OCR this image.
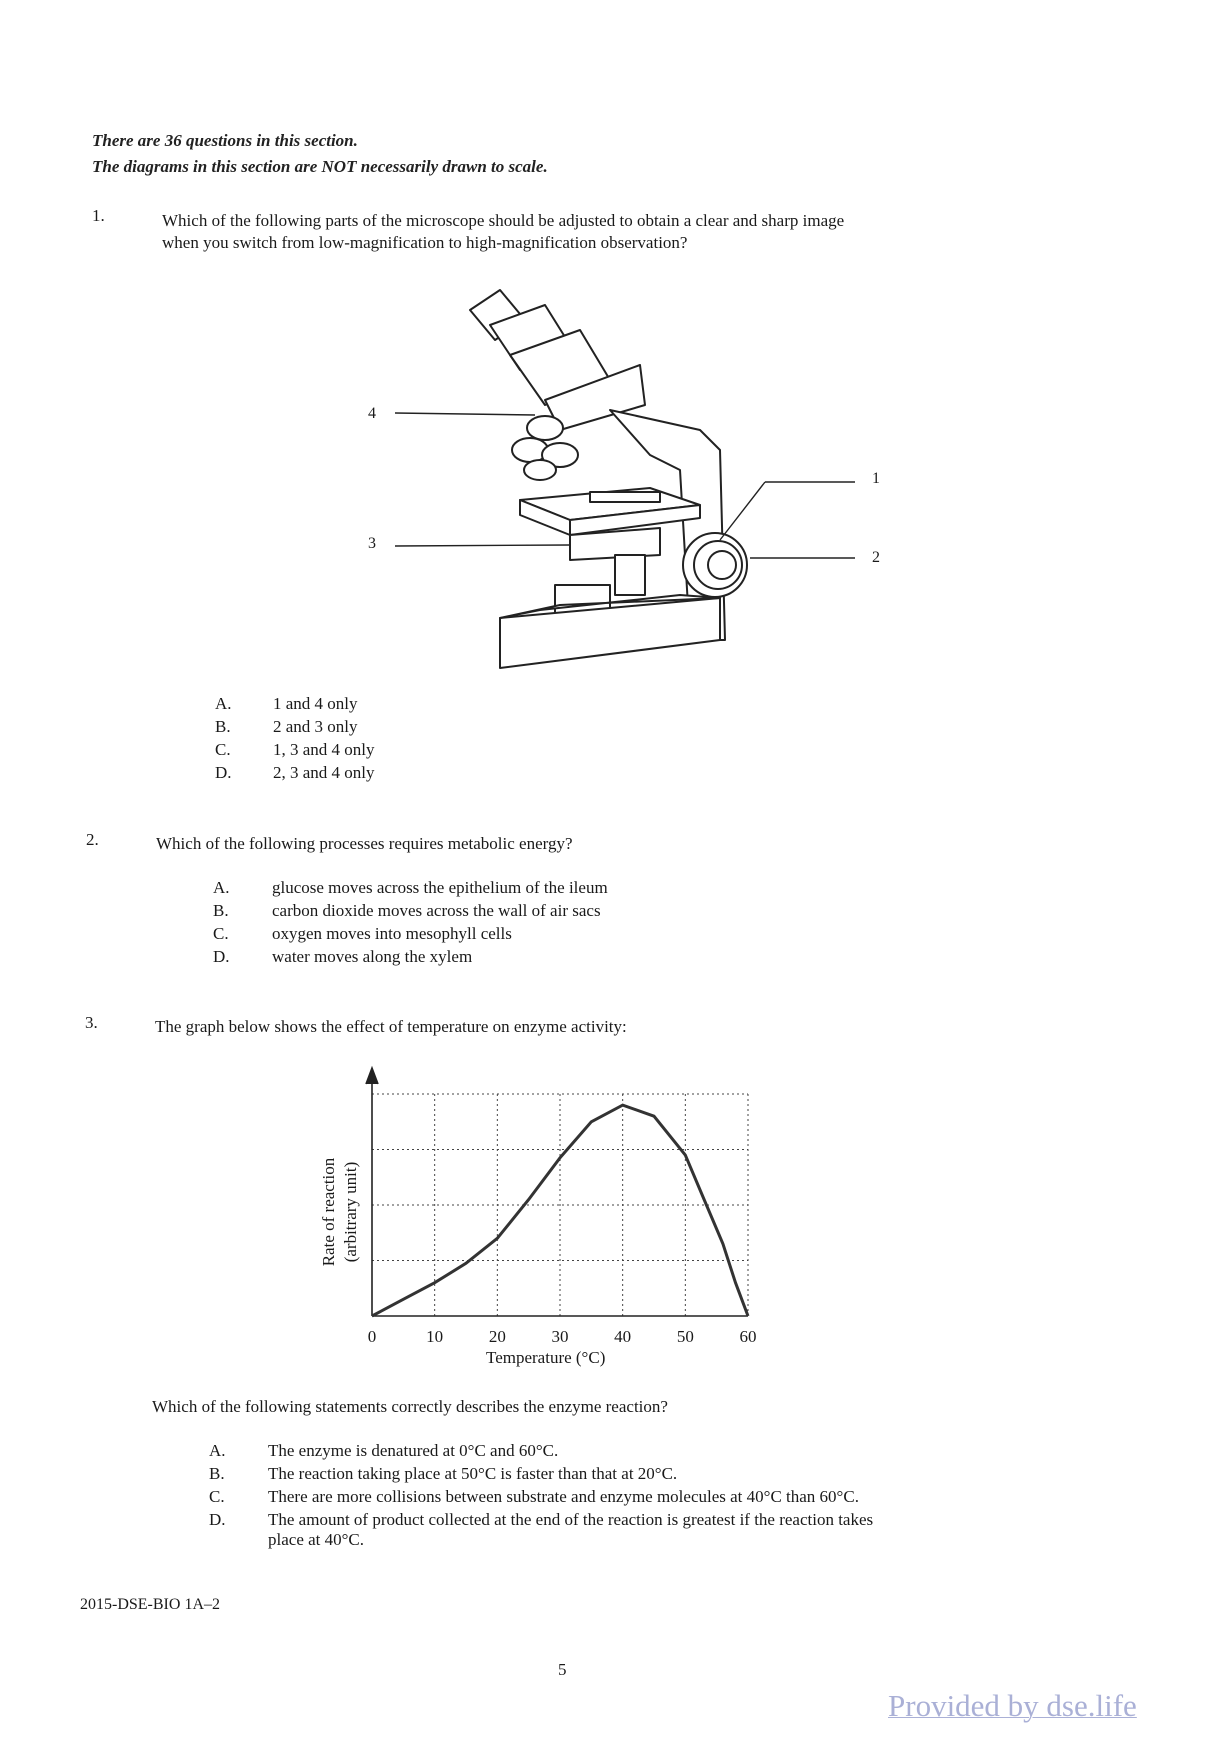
There are 36 questions in this section.
The diagrams in this section are NOT necessarily drawn to scale.
1.	Which of the following parts of the microscope should be adjusted to obtain a clear and sharp image
when you switch from low-magnification to high-magnification observation?
4
3
1
2
A. 1 and 4 only
B. 2 and 3 only
C. 1, 3 and 4 only
D. 2, 3 and 4 only
2.	Which of the following processes requires metabolic energy?
A. glucose moves across the epithelium of the ileum
B.	carbon dioxide moves across the wall of air sacs
C.	oxygen moves into mesophyll cells
D. water moves along the xylem
3.	The graph below shows the effect of temperature on enzyme activity:
0	10	20	30	40	50	60
Rate of reaction (arbitrary unit)
Temperature (°C)
Which of the following statements correctly describes the enzyme reaction?
A. The enzyme is denatured at 0°C and 60°C.
B.	The reaction taking place at 50°C is faster than that at 20°C.
C.	There are more collisions between substrate and enzyme molecules at 40°C than 60°C.
D. The amount of product collected at the end of the reaction is greatest if the reaction takes
place at 40°C.
2015-DSE-BIO 1A–2
5
Provided by dse.life
